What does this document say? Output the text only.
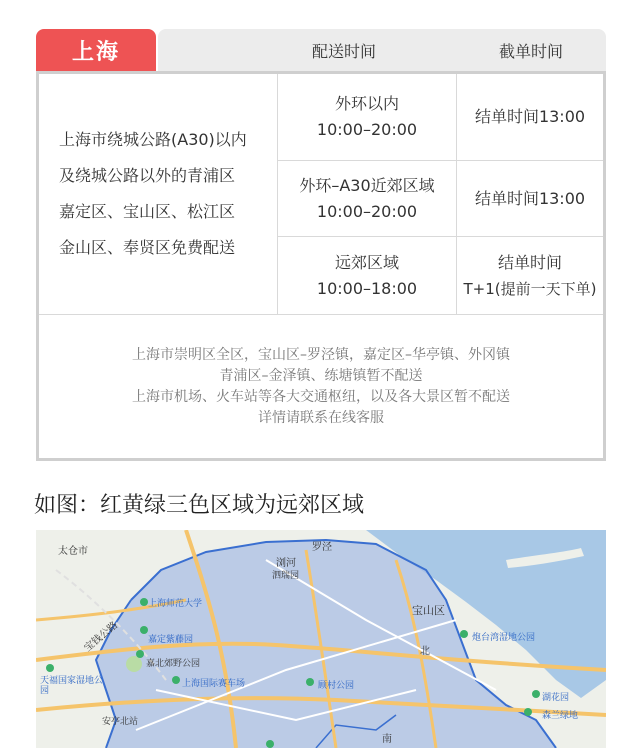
上海	配送时间	截单时间
上海市绕城公路(A30)以内
及绕城公路以外的青浦区
嘉定区、宝山区、松江区
金山区、奉贤区免费配送
外环以内
10:00–20:00
结单时间13:00
外环–A30近郊区域
10:00–20:00
结单时间13:00
远郊区域
10:00–18:00
结单时间
T+1(提前一天下单)
上海市崇明区全区，宝山区–罗泾镇，嘉定区–华亭镇、外冈镇
青浦区–金泽镇、练塘镇暂不配送
上海市机场、火车站等各大交通枢纽，以及各大景区暂不配送
详情请联系在线客服
如图：红黄绿三色区域为远郊区域
太仓市
宝钱公路
罗泾
浏河
宝山区
上海师范大学
嘉定紫藤园
嘉北郊野公园
上海国际赛车场
天福国家湿地公园
安亭北站
泗瑞园
顾村公园
炮台湾湿地公园
森兰绿地
湖花园
北
南
